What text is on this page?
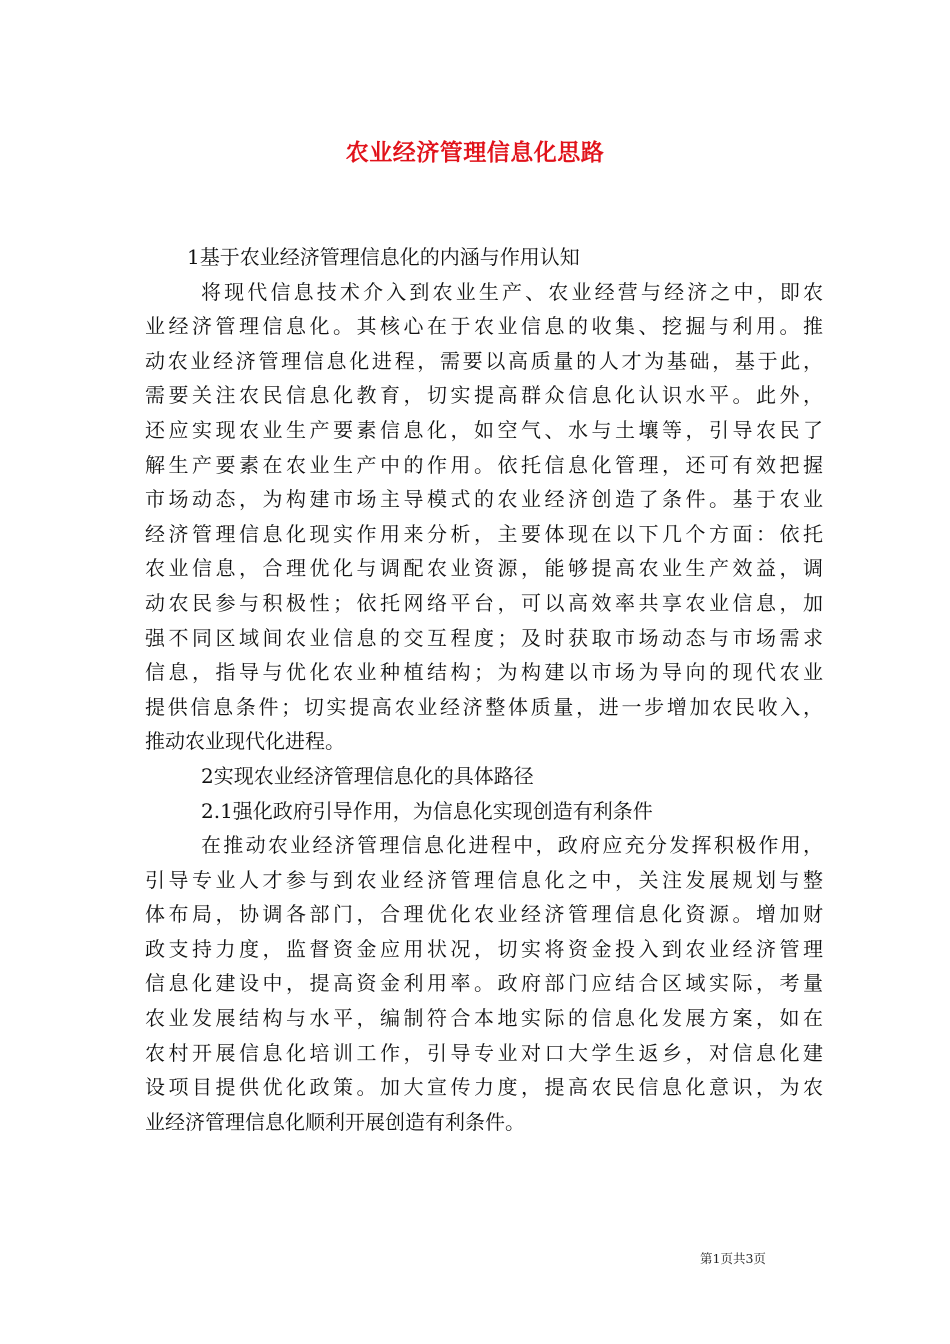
农业经济管理信息化思路
1基于农业经济管理信息化的内涵与作用认知
将现代信息技术介入到农业生产、农业经营与经济之中，即农
业经济管理信息化。其核心在于农业信息的收集、挖掘与利用。推
动农业经济管理信息化进程，需要以高质量的人才为基础，基于此，
需要关注农民信息化教育，切实提高群众信息化认识水平。此外，
还应实现农业生产要素信息化，如空气、水与土壤等，引导农民了
解生产要素在农业生产中的作用。依托信息化管理，还可有效把握
市场动态，为构建市场主导模式的农业经济创造了条件。基于农业
经济管理信息化现实作用来分析，主要体现在以下几个方面：依托
农业信息，合理优化与调配农业资源，能够提高农业生产效益，调
动农民参与积极性；依托网络平台，可以高效率共享农业信息，加
强不同区域间农业信息的交互程度；及时获取市场动态与市场需求
信息，指导与优化农业种植结构；为构建以市场为导向的现代农业
提供信息条件；切实提高农业经济整体质量，进一步增加农民收入，
推动农业现代化进程。
2实现农业经济管理信息化的具体路径
2.1强化政府引导作用，为信息化实现创造有利条件
在推动农业经济管理信息化进程中，政府应充分发挥积极作用，
引导专业人才参与到农业经济管理信息化之中，关注发展规划与整
体布局，协调各部门，合理优化农业经济管理信息化资源。增加财
政支持力度，监督资金应用状况，切实将资金投入到农业经济管理
信息化建设中，提高资金利用率。政府部门应结合区域实际，考量
农业发展结构与水平，编制符合本地实际的信息化发展方案，如在
农村开展信息化培训工作，引导专业对口大学生返乡，对信息化建
设项目提供优化政策。加大宣传力度，提高农民信息化意识，为农
业经济管理信息化顺利开展创造有利条件。
第1页共3页
